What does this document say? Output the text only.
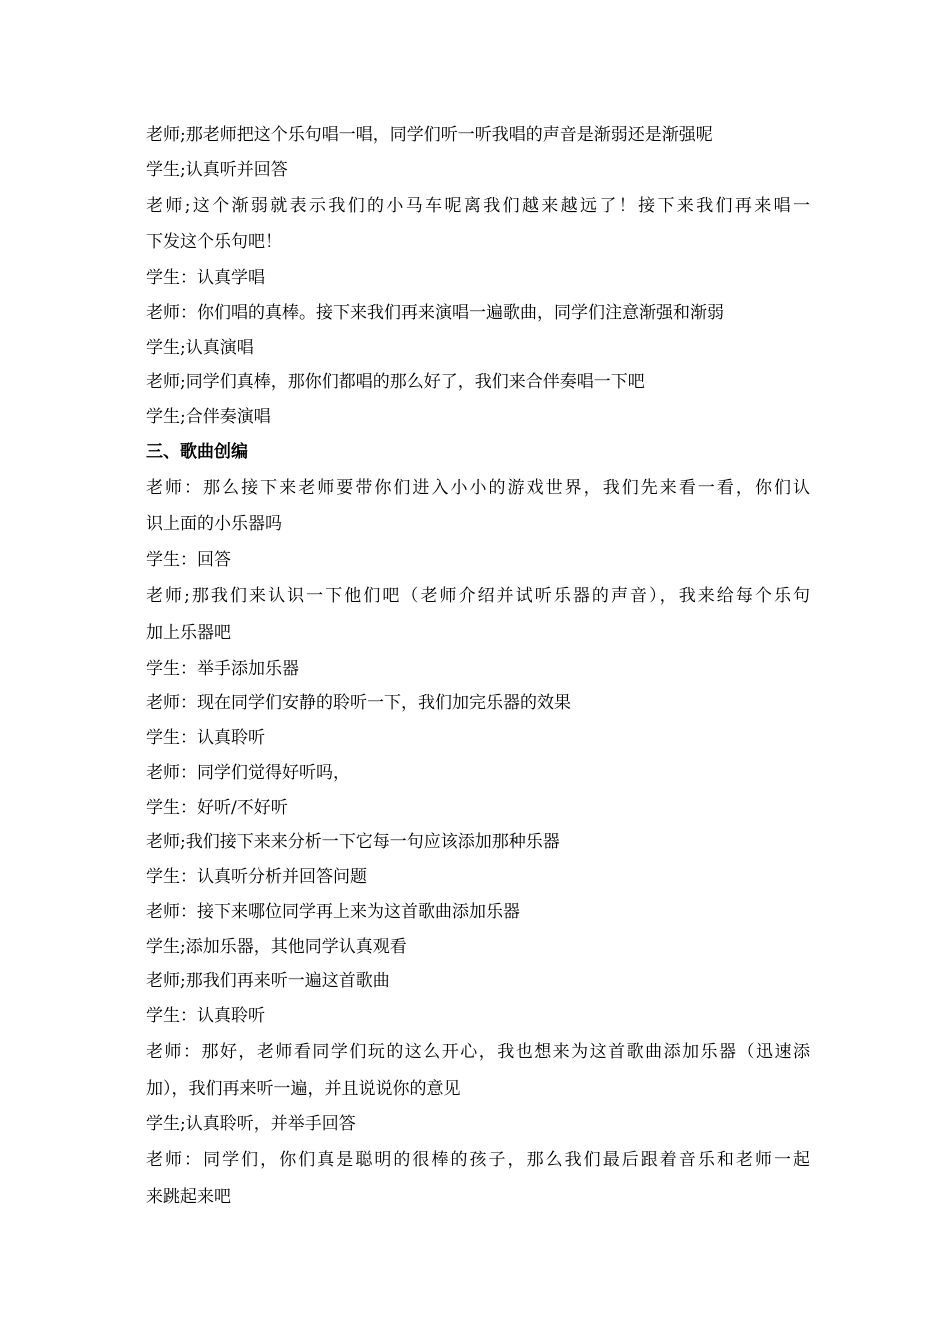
老师;那老师把这个乐句唱一唱，同学们听一听我唱的声音是渐弱还是渐强呢
学生;认真听并回答
老师;这个渐弱就表示我们的小马车呢离我们越来越远了！接下来我们再来唱一
下发这个乐句吧！
学生：认真学唱
老师：你们唱的真棒。接下来我们再来演唱一遍歌曲，同学们注意渐强和渐弱
学生;认真演唱
老师;同学们真棒，那你们都唱的那么好了，我们来合伴奏唱一下吧
学生;合伴奏演唱
三、歌曲创编
老师：那么接下来老师要带你们进入小小的游戏世界，我们先来看一看，你们认
识上面的小乐器吗
学生：回答
老师;那我们来认识一下他们吧（老师介绍并试听乐器的声音），我来给每个乐句
加上乐器吧
学生：举手添加乐器
老师：现在同学们安静的聆听一下，我们加完乐器的效果
学生：认真聆听
老师：同学们觉得好听吗，
学生：好听/不好听
老师;我们接下来来分析一下它每一句应该添加那种乐器
学生：认真听分析并回答问题
老师：接下来哪位同学再上来为这首歌曲添加乐器
学生;添加乐器，其他同学认真观看
老师;那我们再来听一遍这首歌曲
学生：认真聆听
老师：那好，老师看同学们玩的这么开心，我也想来为这首歌曲添加乐器（迅速添
加），我们再来听一遍，并且说说你的意见
学生;认真聆听，并举手回答
老师：同学们，你们真是聪明的很棒的孩子，那么我们最后跟着音乐和老师一起
来跳起来吧
